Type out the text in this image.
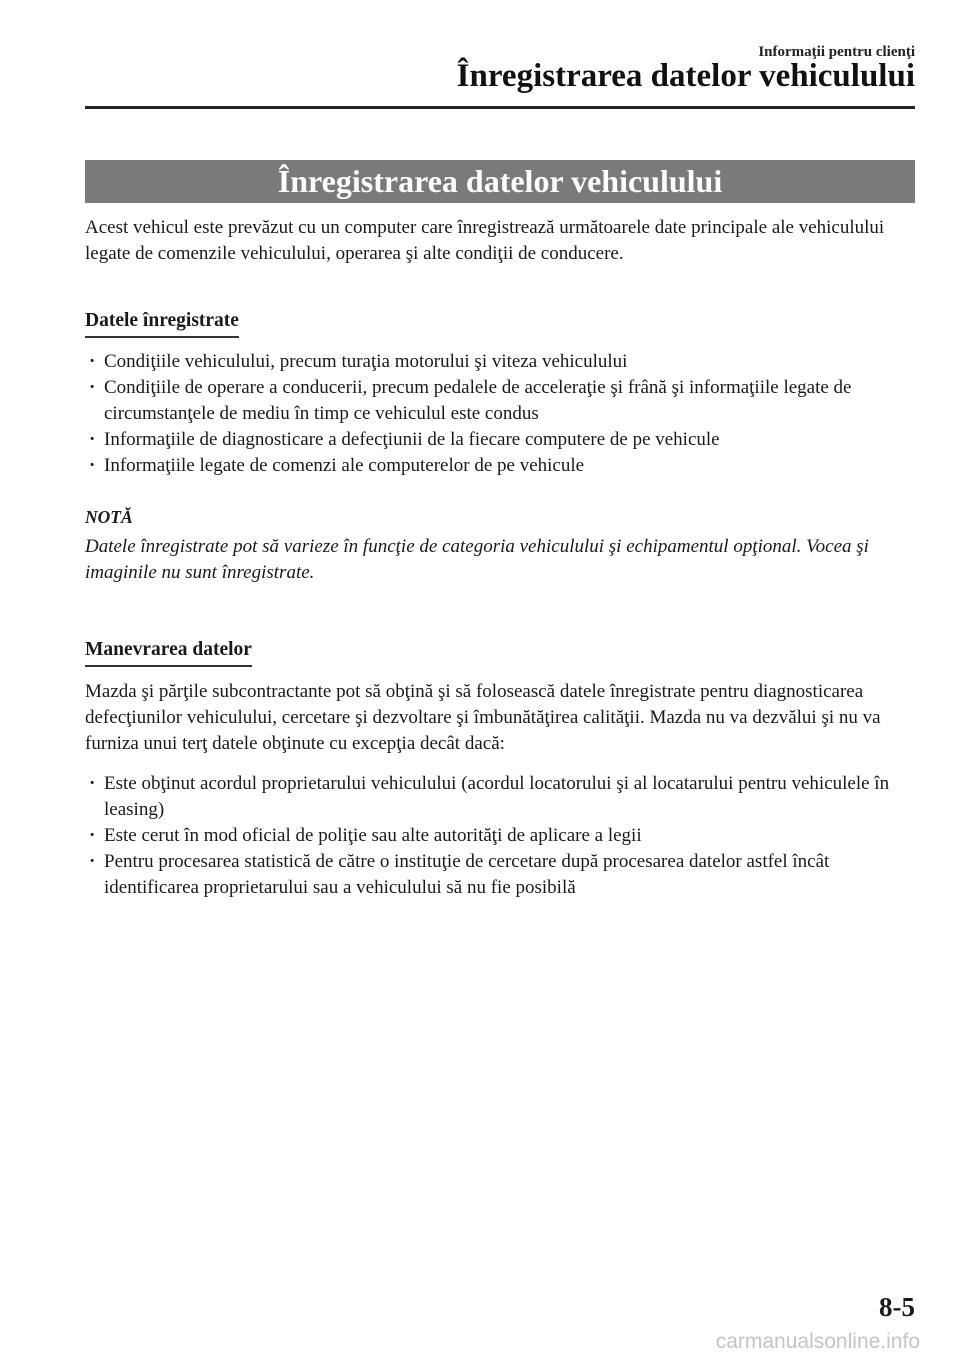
Informaţii pentru clienţi
Înregistrarea datelor vehiculului
Înregistrarea datelor vehiculului

Acest vehicul este prevăzut cu un computer care înregistrează următoarele date principale ale vehiculului legate de comenzile vehiculului, operarea şi alte condiţii de conducere.

Datele înregistrate
· Condiţiile vehiculului, precum turaţia motorului şi viteza vehiculului
· Condiţiile de operare a conducerii, precum pedalele de acceleraţie şi frână şi informaţiile legate de circumstanţele de mediu în timp ce vehiculul este condus
· Informaţiile de diagnosticare a defecţiunii de la fiecare computere de pe vehicule
· Informaţiile legate de comenzi ale computerelor de pe vehicule
NOTĂ

Datele înregistrate pot să varieze în funcţie de categoria vehiculului şi echipamentul opţional. Vocea şi imaginile nu sunt înregistrate.

Manevrarea datelor

Mazda şi părţile subcontractante pot să obţină şi să folosească datele înregistrate pentru diagnosticarea defecţiunilor vehiculului, cercetare şi dezvoltare şi îmbunătăţirea calităţii. Mazda nu va dezvălui şi nu va furniza unui terţ datele obţinute cu excepţia decât dacă:

· Este obţinut acordul proprietarului vehiculului (acordul locatorului şi al locatarului pentru vehiculele în leasing)
· Este cerut în mod oficial de poliţie sau alte autorităţi de aplicare a legii
· Pentru procesarea statistică de către o instituţie de cercetare după procesarea datelor astfel încât identificarea proprietarului sau a vehiculului să nu fie posibilă
8-5
carmanualsonline.info
